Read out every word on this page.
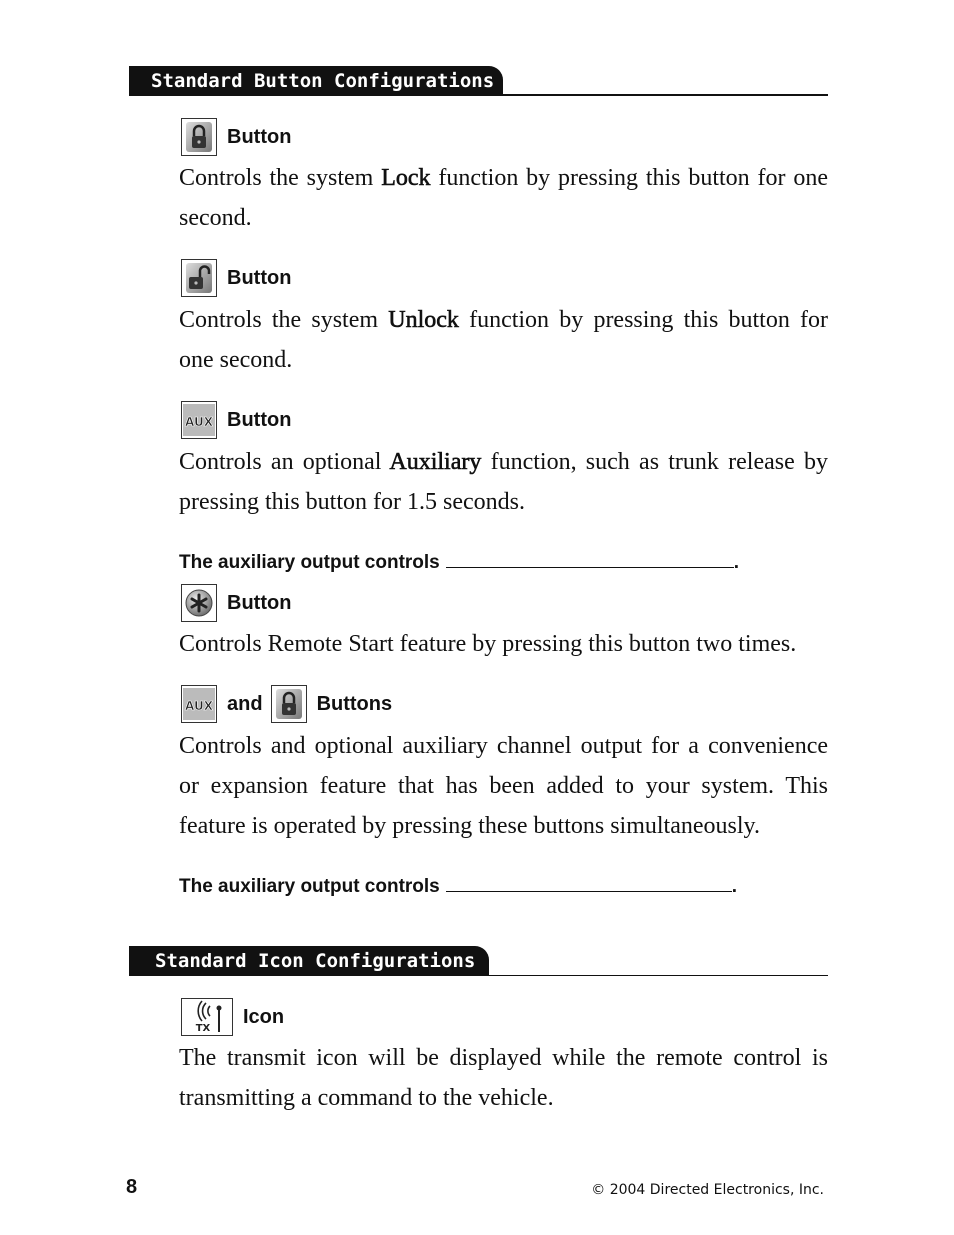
Standard Button Configurations
Button

Controls the system Lock function by pressing this button for one second.

Button

Controls the system Unlock function by pressing this button for one second.

AUX Button

Controls an optional Auxiliary function, such as trunk release by pressing this button for 1.5 seconds.

The auxiliary output controls	.
Button

Controls Remote Start feature by pressing this button two times.

AUX and	Buttons

Controls and optional auxiliary channel output for a convenience or expansion feature that has been added to your system. This feature is operated by pressing these buttons simultaneously.

The auxiliary output controls	.
Standard Icon Configurations
TX
Icon

The transmit icon will be displayed while the remote control is transmitting a command to the vehicle.

8	© 2004 Directed Electronics, Inc.
